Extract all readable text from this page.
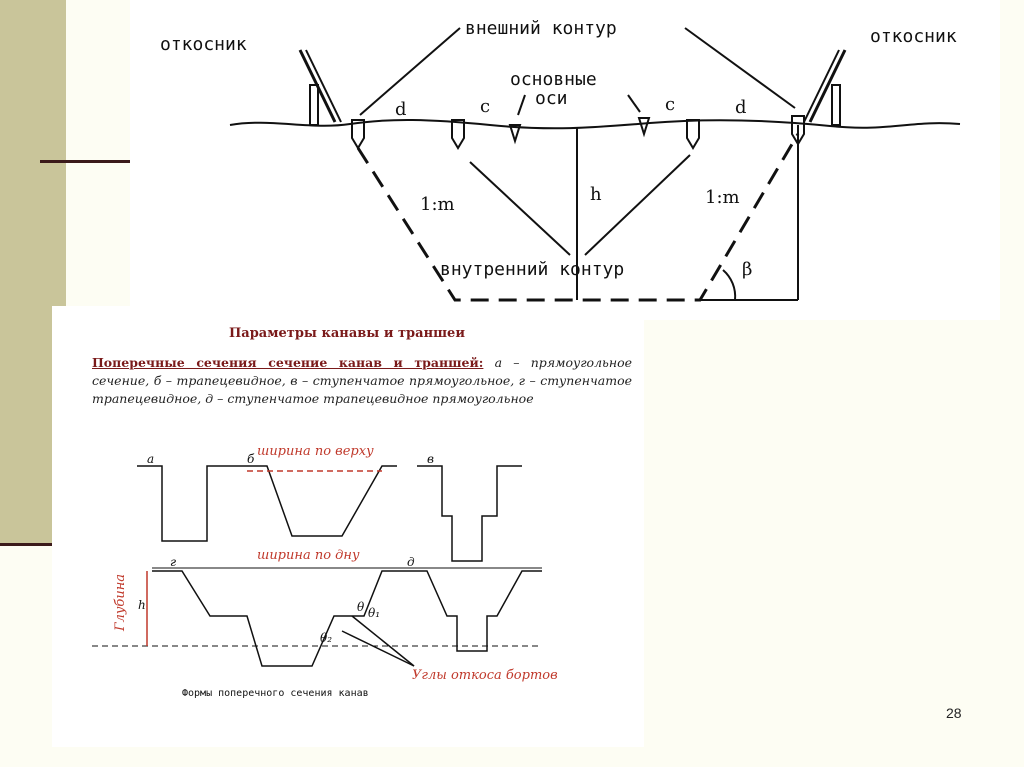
откосник	откосник
внешний контур
основные
оси
внутренний контур
d	c	c	d
h
1:m	1:m
β
Параметры канавы и траншеи
Поперечные сечения сечение канав и траншей: а – прямоугольное сечение, б – трапецевидное, в – ступенчатое прямоугольное, г – ступенчатое трапецевидное, д – ступенчатое трапецевидное прямоугольное
а	б	в
г	д
h	θ θ₁
θ₂
ширина по верху
ширина по дну
Углы откоса бортов
Глубина
Формы поперечного сечения канав
28
